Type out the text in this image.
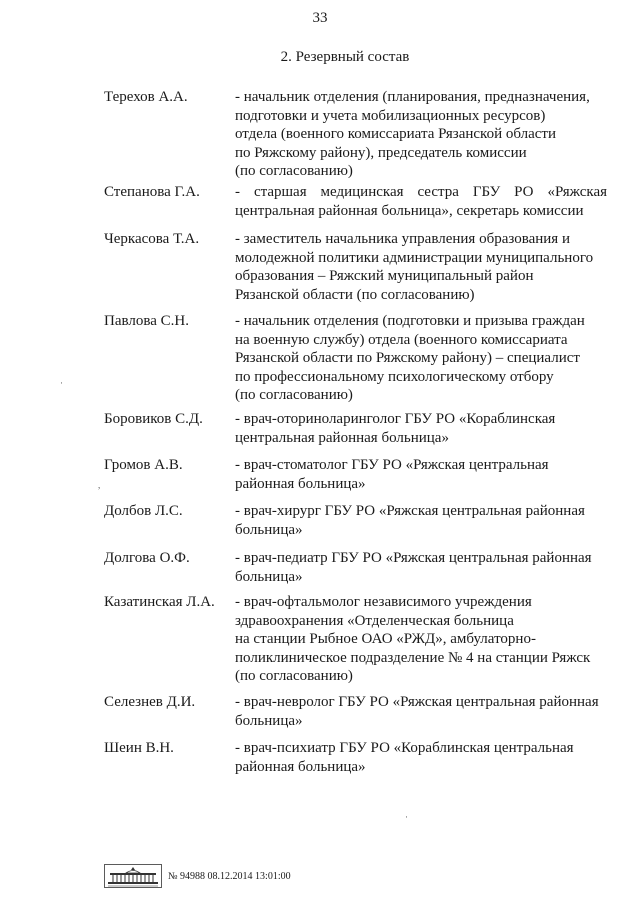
33
2. Резервный состав
Терехов А.А.	- начальник отделения (планирования, предназначения,
подготовки и учета мобилизационных ресурсов)
отдела (военного комиссариата Рязанской области
по Ряжскому району), председатель комиссии
(по согласованию)
Степанова Г.А. - старшая медицинская сестра ГБУ РО «Ряжская
центральная районная больница», секретарь комиссии
Черкасова Т.А. - заместитель начальника управления образования и
молодежной политики администрации муниципального
образования – Ряжский муниципальный район
Рязанской области (по согласованию)
Павлова С.Н.	- начальник отделения (подготовки и призыва граждан
на военную службу) отдела (военного комиссариата
Рязанской области по Ряжскому району) – специалист
по профессиональному психологическому отбору
(по согласованию)
Боровиков С.Д. - врач-оториноларинголог ГБУ РО «Кораблинская
центральная районная больница»
Громов А.В.	- врач-стоматолог ГБУ РО «Ряжская центральная
районная больница»
Долбов Л.С.	- врач-хирург ГБУ РО «Ряжская центральная районная
больница»
Долгова О.Ф.	- врач-педиатр ГБУ РО «Ряжская центральная районная
больница»
Казатинская Л.А. - врач-офтальмолог независимого учреждения
здравоохранения «Отделенческая больница
на станции Рыбное ОАО «РЖД», амбулаторно-
поликлиническое подразделение № 4 на станции Ряжск
(по согласованию)
Селезнев Д.И.	- врач-невролог ГБУ РО «Ряжская центральная районная
больница»
Шеин В.Н.	- врач-психиатр ГБУ РО «Кораблинская центральная
районная больница»
№ 94988 08.12.2014 13:01:00
·
,
·
